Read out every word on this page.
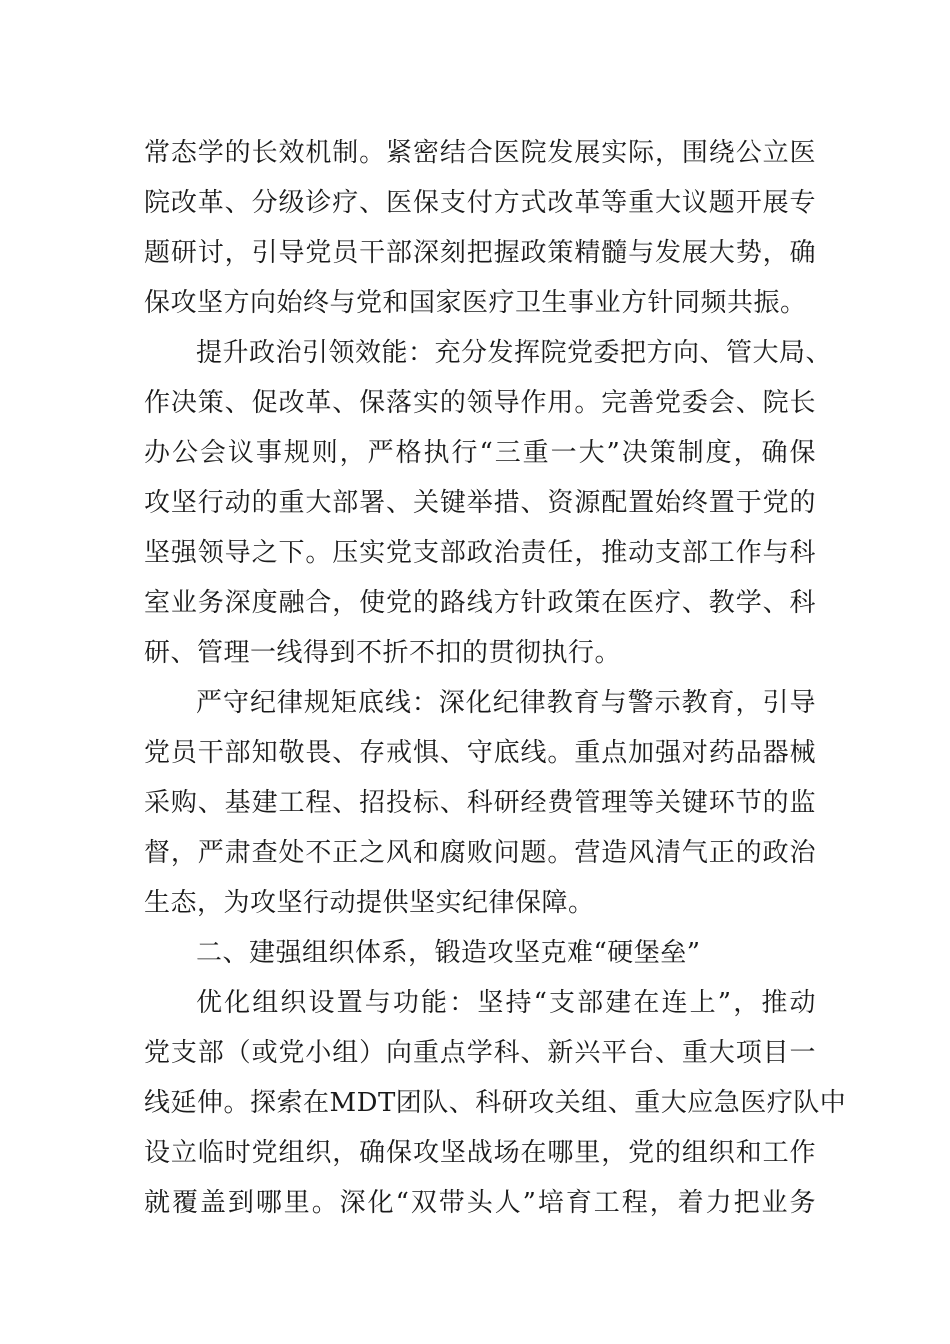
常态学的长效机制。紧密结合医院发展实际，围绕公立医
院改革、分级诊疗、医保支付方式改革等重大议题开展专
题研讨，引导党员干部深刻把握政策精髓与发展大势，确
保攻坚方向始终与党和国家医疗卫生事业方针同频共振。
提升政治引领效能：充分发挥院党委把方向、管大局、
作决策、促改革、保落实的领导作用。完善党委会、院长
办公会议事规则，严格执行“三重一大”决策制度，确保
攻坚行动的重大部署、关键举措、资源配置始终置于党的
坚强领导之下。压实党支部政治责任，推动支部工作与科
室业务深度融合，使党的路线方针政策在医疗、教学、科
研、管理一线得到不折不扣的贯彻执行。
严守纪律规矩底线：深化纪律教育与警示教育，引导
党员干部知敬畏、存戒惧、守底线。重点加强对药品器械
采购、基建工程、招投标、科研经费管理等关键环节的监
督，严肃查处不正之风和腐败问题。营造风清气正的政治
生态，为攻坚行动提供坚实纪律保障。
二、建强组织体系，锻造攻坚克难“硬堡垒”
优化组织设置与功能：坚持“支部建在连上”，推动
党支部（或党小组）向重点学科、新兴平台、重大项目一
线延伸。探索在MDT团队、科研攻关组、重大应急医疗队中
设立临时党组织，确保攻坚战场在哪里，党的组织和工作
就覆盖到哪里。深化“双带头人”培育工程，着力把业务
